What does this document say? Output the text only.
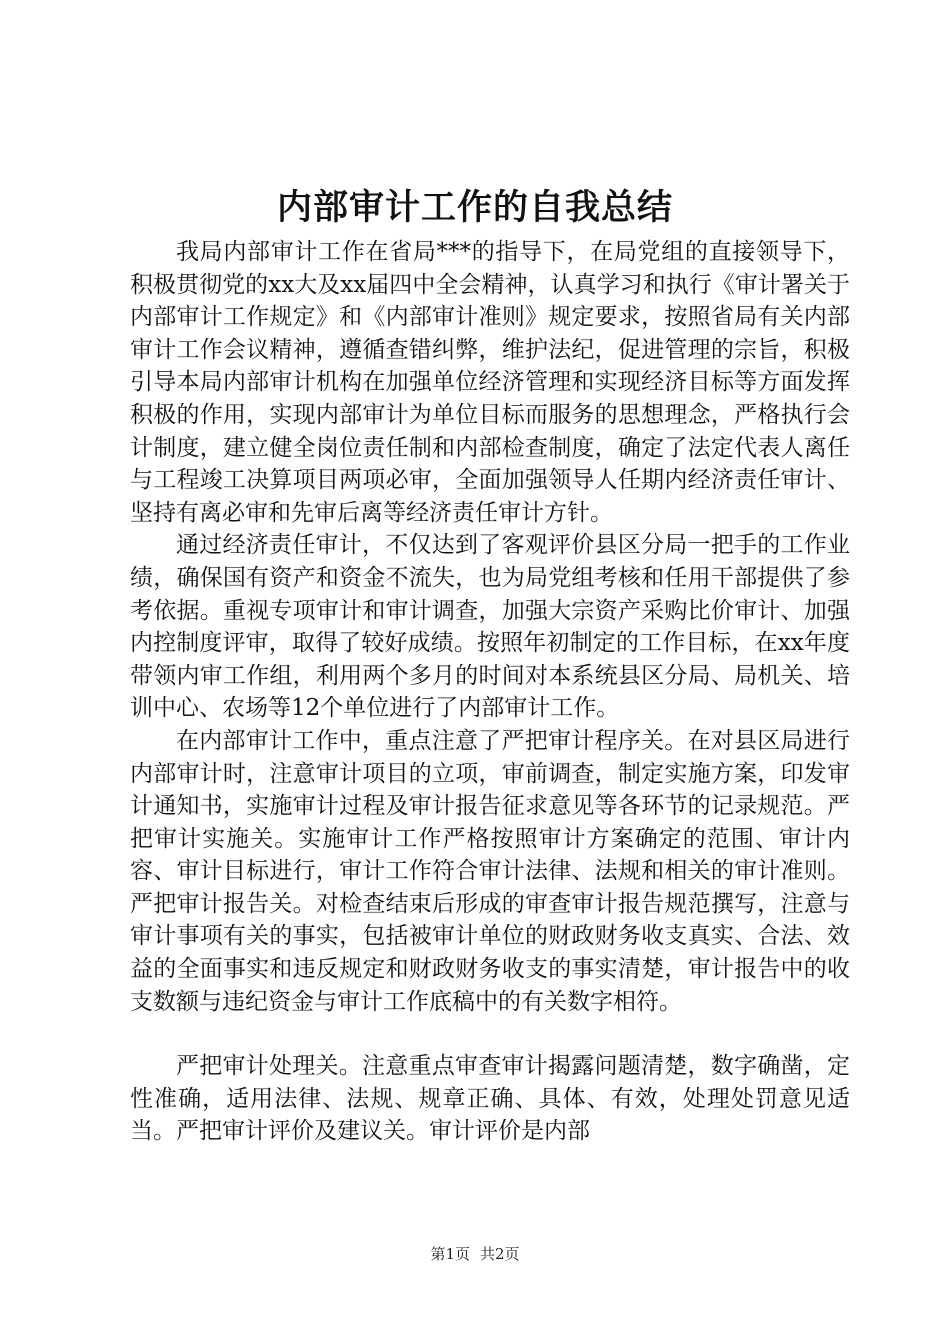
内部审计工作的自我总结

我局内部审计工作在省局***的指导下，在局党组的直接领导下，积极贯彻党的xx大及xx届四中全会精神，认真学习和执行《审计署关于内部审计工作规定》和《内部审计准则》规定要求，按照省局有关内部审计工作会议精神，遵循查错纠弊，维护法纪，促进管理的宗旨，积极引导本局内部审计机构在加强单位经济管理和实现经济目标等方面发挥积极的作用，实现内部审计为单位目标而服务的思想理念，严格执行会计制度，建立健全岗位责任制和内部检查制度，确定了法定代表人离任与工程竣工决算项目两项必审，全面加强领导人任期内经济责任审计、坚持有离必审和先审后离等经济责任审计方针。

通过经济责任审计，不仅达到了客观评价县区分局一把手的工作业绩，确保国有资产和资金不流失，也为局党组考核和任用干部提供了参考依据。重视专项审计和审计调查，加强大宗资产采购比价审计、加强内控制度评审，取得了较好成绩。按照年初制定的工作目标，在xx年度带领内审工作组，利用两个多月的时间对本系统县区分局、局机关、培训中心、农场等12个单位进行了内部审计工作。

在内部审计工作中，重点注意了严把审计程序关。在对县区局进行内部审计时，注意审计项目的立项，审前调查，制定实施方案，印发审计通知书，实施审计过程及审计报告征求意见等各环节的记录规范。严把审计实施关。实施审计工作严格按照审计方案确定的范围、审计内容、审计目标进行，审计工作符合审计法律、法规和相关的审计准则。严把审计报告关。对检查结束后形成的审查审计报告规范撰写，注意与审计事项有关的事实，包括被审计单位的财政财务收支真实、合法、效益的全面事实和违反规定和财政财务收支的事实清楚，审计报告中的收支数额与违纪资金与审计工作底稿中的有关数字相符。

严把审计处理关。注意重点审查审计揭露问题清楚，数字确凿，定性准确，适用法律、法规、规章正确、具体、有效，处理处罚意见适当。严把审计评价及建议关。审计评价是内部

第1页 共2页
